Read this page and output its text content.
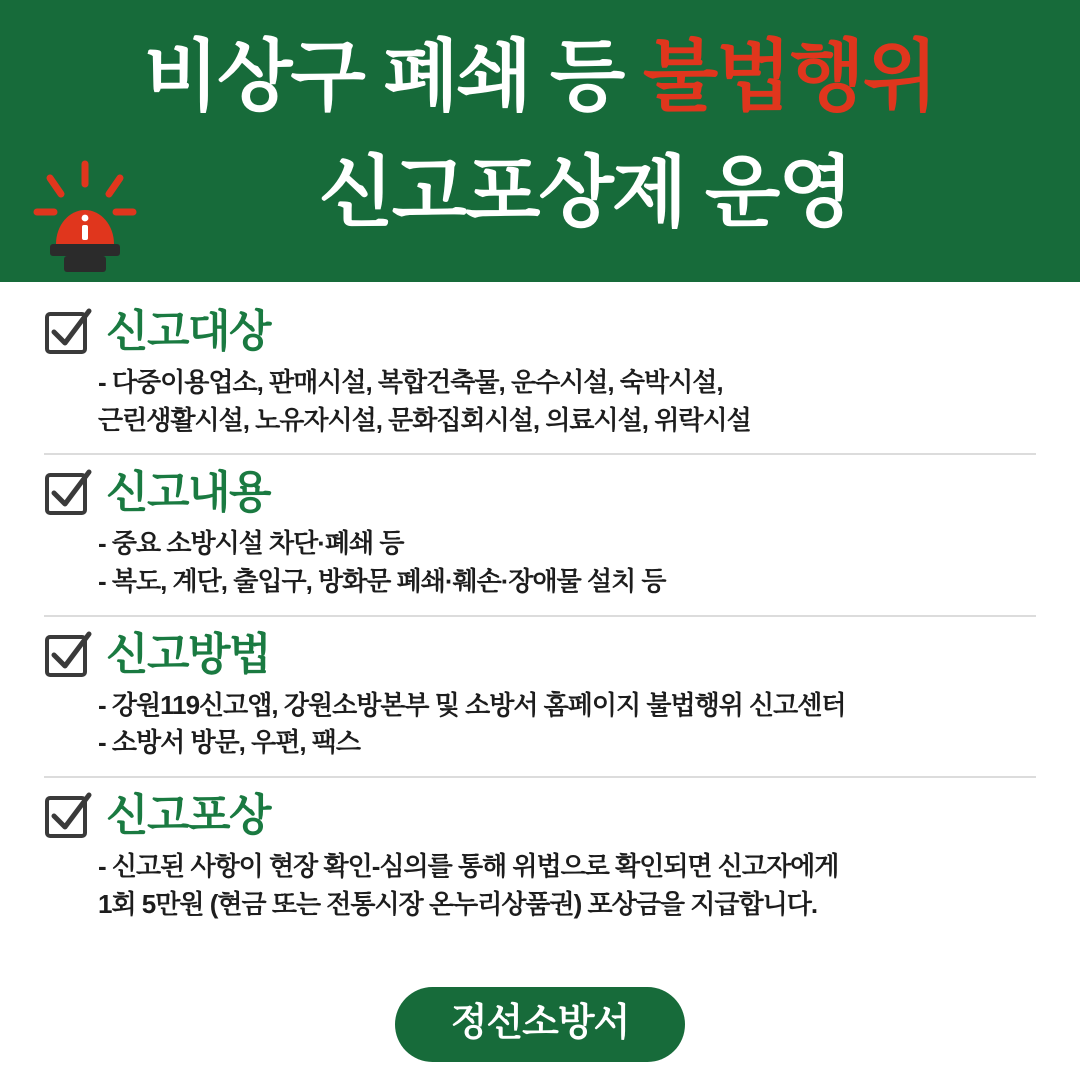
비상구 폐쇄 등 불법행위
신고포상제 운영
신고대상
- 다중이용업소, 판매시설, 복합건축물, 운수시설, 숙박시설,
근린생활시설, 노유자시설, 문화집회시설, 의료시설, 위락시설
신고내용
- 중요 소방시설 차단·폐쇄 등
- 복도, 계단, 출입구, 방화문 폐쇄·훼손·장애물 설치 등
신고방법
- 강원119신고앱, 강원소방본부 및 소방서 홈페이지 불법행위 신고센터
- 소방서 방문, 우편, 팩스
신고포상
- 신고된 사항이 현장 확인-심의를 통해 위법으로 확인되면 신고자에게
1회 5만원 (현금 또는 전통시장 온누리상품권) 포상금을 지급합니다.
정선소방서
